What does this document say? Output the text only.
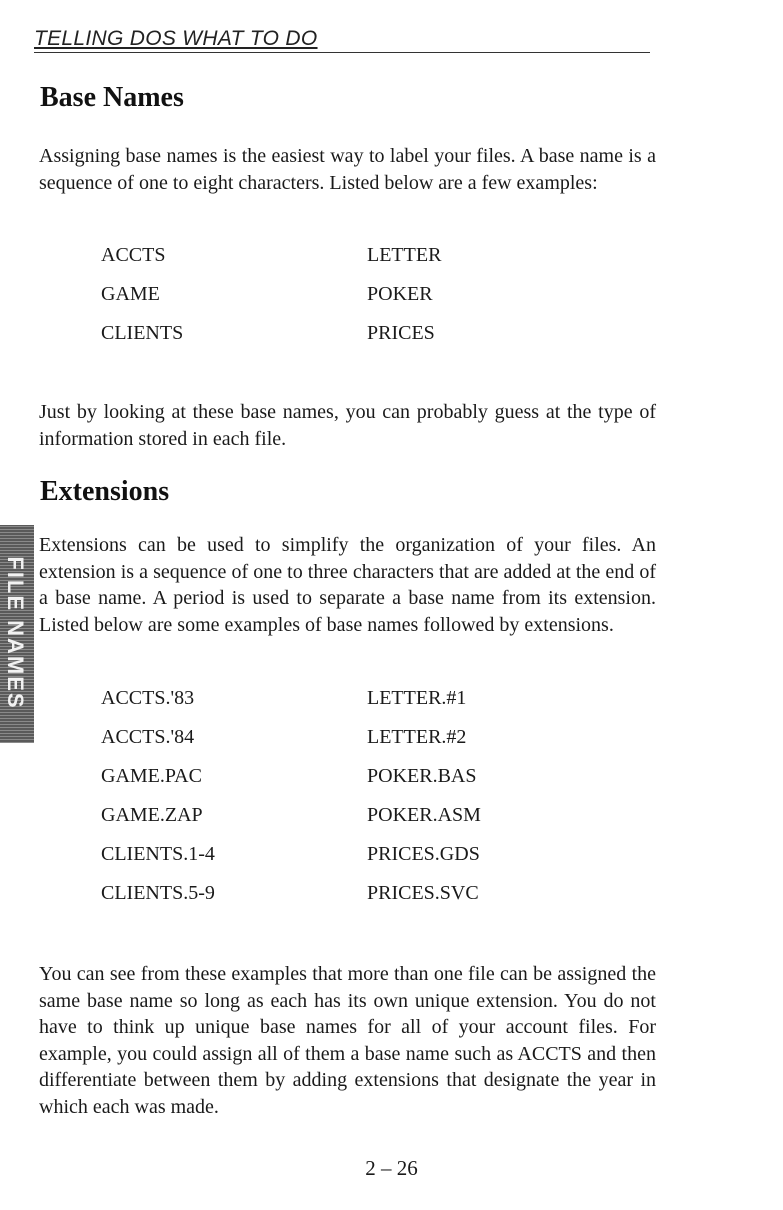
TELLING DOS WHAT TO DO
Base Names

Assigning base names is the easiest way to label your files. A base name is a sequence of one to eight characters. Listed below are a few examples:

ACCTS	LETTER
GAME	POKER
CLIENTS	PRICES

Just by looking at these base names, you can probably guess at the type of information stored in each file.

Extensions

Extensions can be used to simplify the organization of your files. An extension is a sequence of one to three characters that are added at the end of a base name. A period is used to separate a base name from its extension. Listed below are some examples of base names followed by extensions.

FILE NAMES	ACCTS.'83	LETTER.#1
ACCTS.'84	LETTER.#2
GAME.PAC	POKER.BAS
GAME.ZAP	POKER.ASM
CLIENTS.1-4	PRICES.GDS
CLIENTS.5-9	PRICES.SVC

You can see from these examples that more than one file can be assigned the same base name so long as each has its own unique extension. You do not have to think up unique base names for all of your account files. For example, you could assign all of them a base name such as ACCTS and then differentiate between them by adding extensions that designate the year in which each was made.

2 – 26
